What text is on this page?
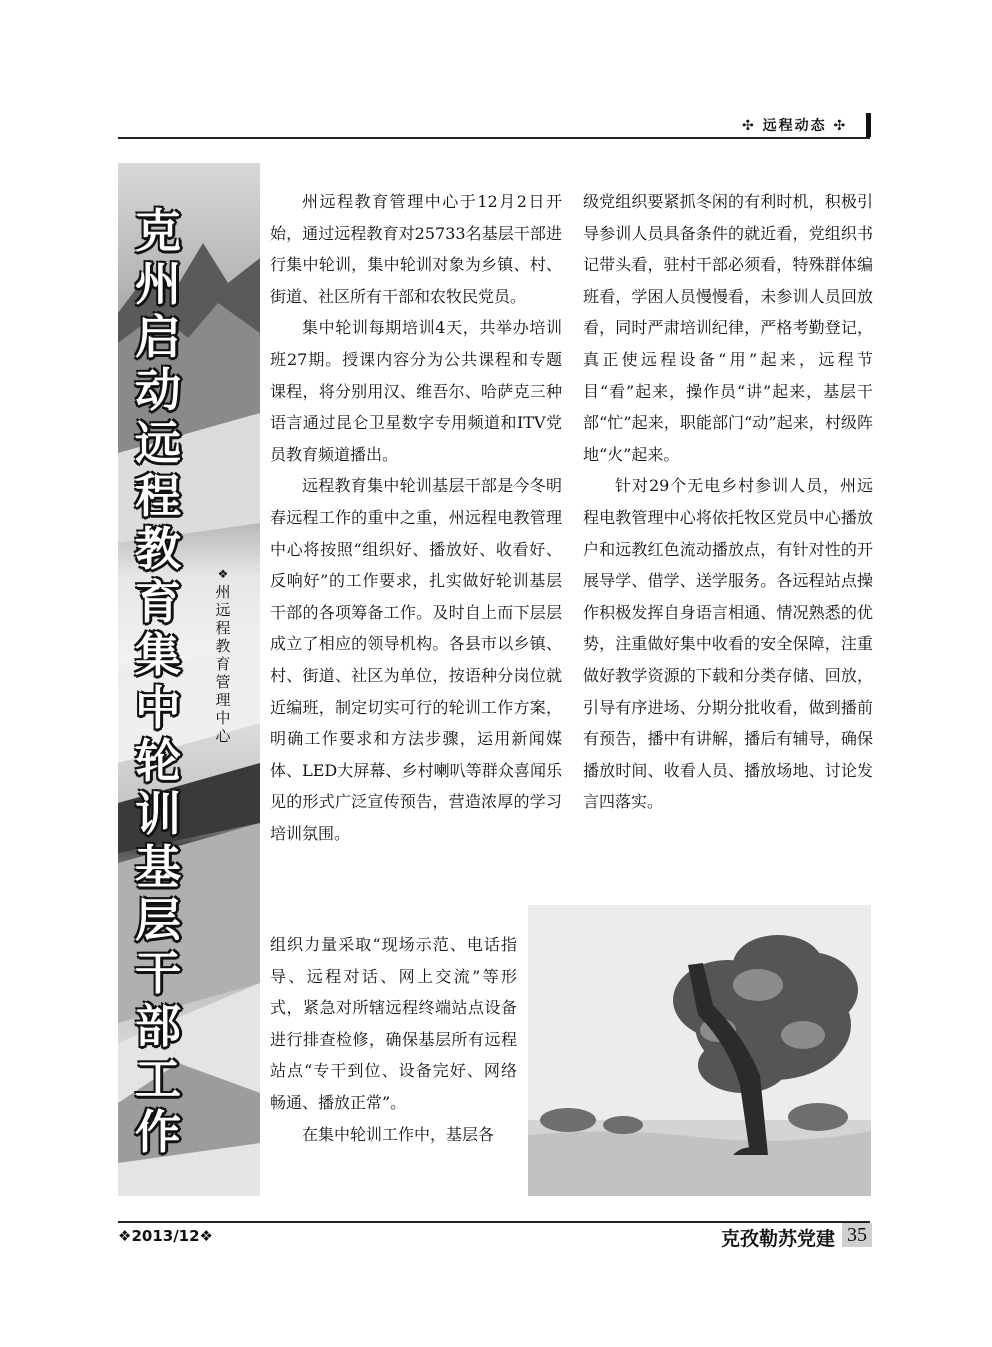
✣ 远程动态 ✣
克
州
启
动
远
程
教
育
集
中
轮
训
基
层
干
部
工
作
❖
州
远
程
教
育
管
理
中
心

州远程教育管理中心于12月2日开始，通过远程教育对25733名基层干部进行集中轮训，集中轮训对象为乡镇、村、街道、社区所有干部和农牧民党员。

集中轮训每期培训4天，共举办培训班27期。授课内容分为公共课程和专题课程，将分别用汉、维吾尔、哈萨克三种语言通过昆仑卫星数字专用频道和ITV党员教育频道播出。

远程教育集中轮训基层干部是今冬明春远程工作的重中之重，州远程电教管理中心将按照“组织好、播放好、收看好、反响好”的工作要求，扎实做好轮训基层干部的各项筹备工作。及时自上而下层层成立了相应的领导机构。各县市以乡镇、村、街道、社区为单位，按语种分岗位就近编班，制定切实可行的轮训工作方案，明确工作要求和方法步骤，运用新闻媒体、LED大屏幕、乡村喇叭等群众喜闻乐见的形式广泛宣传预告，营造浓厚的学习培训氛围。

组织力量采取“现场示范、电话指导、远程对话、网上交流”等形式，紧急对所辖远程终端站点设备进行排查检修，确保基层所有远程站点“专干到位、设备完好、网络畅通、播放正常”。

在集中轮训工作中，基层各

级党组织要紧抓冬闲的有利时机，积极引导参训人员具备条件的就近看，党组织书记带头看，驻村干部必须看，特殊群体编班看，学困人员慢慢看，未参训人员回放看，同时严肃培训纪律，严格考勤登记，真正使远程设备“用”起来，远程节目“看”起来，操作员“讲”起来，基层干部“忙”起来，职能部门“动”起来，村级阵地“火”起来。

针对29个无电乡村参训人员，州远程电教管理中心将依托牧区党员中心播放户和远教红色流动播放点，有针对性的开展导学、借学、送学服务。各远程站点操作积极发挥自身语言相通、情况熟悉的优势，注重做好集中收看的安全保障，注重做好教学资源的下载和分类存储、回放，引导有序进场、分期分批收看，做到播前有预告，播中有讲解，播后有辅导，确保播放时间、收看人员、播放场地、讨论发言四落实。

❖2013/12❖	克孜勒苏党建 35
